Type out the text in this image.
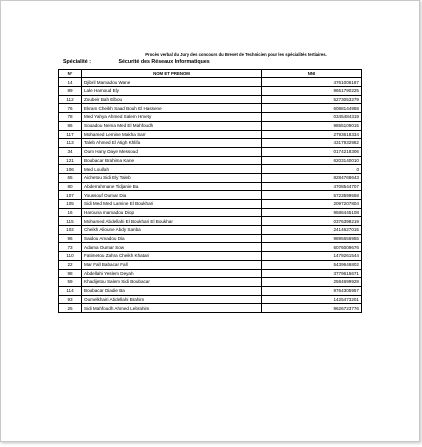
Procès verbal du Jury des concours du Brevet de Technicien pour les spécialités tertiaires.
Spécialité :	Sécurité des Réseaux Informatiques
N°	NOM ET PRENOM	NNI
14	Djibril Mamadou Wane	4761006187
89	Lale Hamoud Ely	9651790225
112	Zoubeir Bah Elbou	5273053279
76	Ekram Cheikh Saad Bouh El Hassene	6088144958
78	Med Yahya Ahmed Salem Hmety	0345484319
86	Souadou Nema Med El Mahfoudh	9855109015
117	Mohamed Lemine Makha Sarr	2793618334
113	Taleb Ahmed El Atigh Khlifa	4317932982
34	Oum Hany Daye Messoud	0174218306
121	Boubacar Brahima Kane	6203140010
106	Med Loullah	0
65	Aichetou Sidi Ely Taleb	8284768643
80	Abderrahmane Tidjanie Ba	4708544707
107	Youssouf Oumar Dia	5723599558
105	Sidi Med Med Lamine El Boukhari	2097207804
16	Harouna mamadou Diop	9586445108
115	Mohamed Abdellahi El Boukhari El Boukhar	0376398219
102	Cheikh Alioune Abdy Sanba	2414627015
96	Saidou Amadou Dia	9895656955
73	Adama Oumar Sow	6076009676
110	Fatimetou Zahra Cheikh Khatari	1479261544
22	Mar Fall Babacar Fall	5439646802
98	Abdellahi Yeslem Deyah	3779615671
59	Khadijetou Salem Sidi Boubacar	2584699928
114	Boubacar Diadie Ba	9764305957
93	Oumelkhairi Abdellahi Brahim	1425473201
25	Sidi Mahfoudh Ahmed Lebrahim	9626723776
